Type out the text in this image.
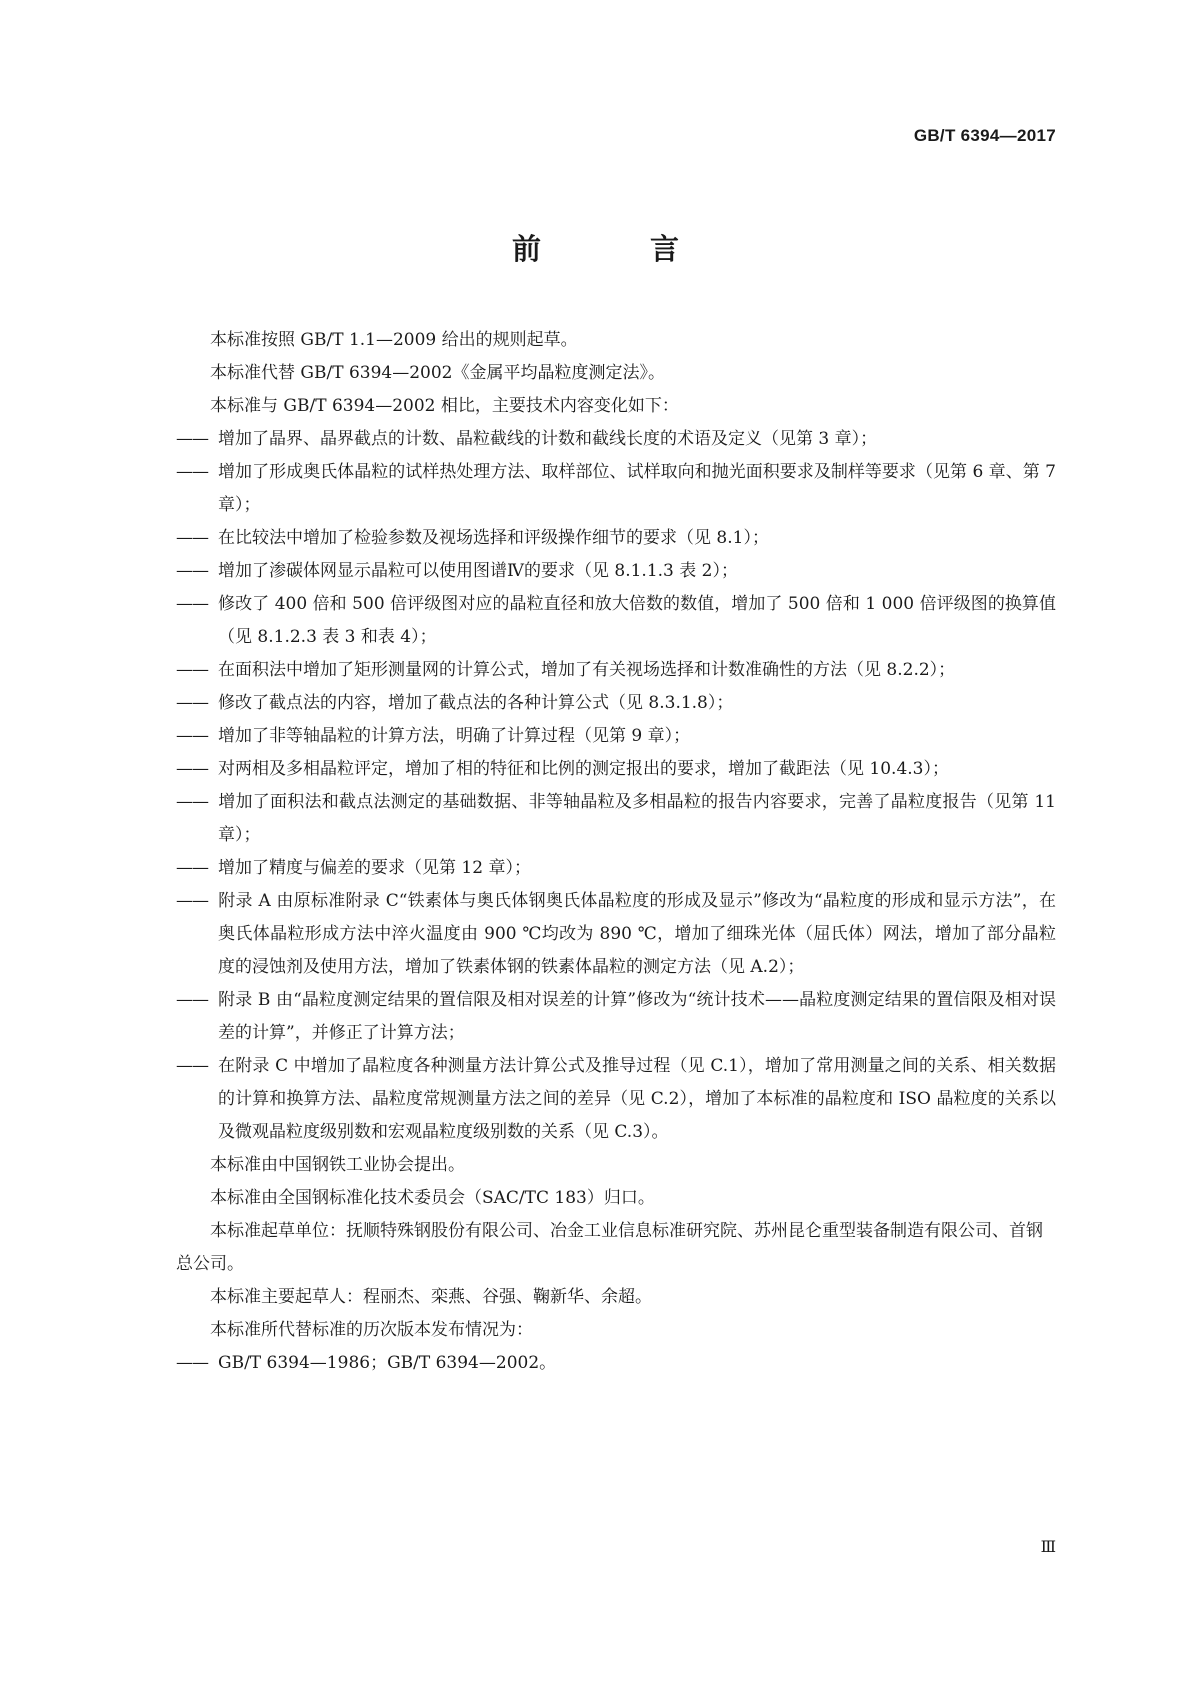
GB/T 6394—2017
前　言

本标准按照 GB/T 1.1—2009 给出的规则起草。

本标准代替 GB/T 6394—2002《金属平均晶粒度测定法》。

本标准与 GB/T 6394—2002 相比，主要技术内容变化如下：

—— 增加了晶界、晶界截点的计数、晶粒截线的计数和截线长度的术语及定义（见第 3 章）；

—— 增加了形成奥氏体晶粒的试样热处理方法、取样部位、试样取向和抛光面积要求及制样等要求（见第 6 章、第 7 章）；

—— 在比较法中增加了检验参数及视场选择和评级操作细节的要求（见 8.1）；

—— 增加了渗碳体网显示晶粒可以使用图谱Ⅳ的要求（见 8.1.1.3 表 2）；

—— 修改了 400 倍和 500 倍评级图对应的晶粒直径和放大倍数的数值，增加了 500 倍和 1 000 倍评级图的换算值（见 8.1.2.3 表 3 和表 4）；

—— 在面积法中增加了矩形测量网的计算公式，增加了有关视场选择和计数准确性的方法（见 8.2.2）；

—— 修改了截点法的内容，增加了截点法的各种计算公式（见 8.3.1.8）；

—— 增加了非等轴晶粒的计算方法，明确了计算过程（见第 9 章）；

—— 对两相及多相晶粒评定，增加了相的特征和比例的测定报出的要求，增加了截距法（见 10.4.3）；

—— 增加了面积法和截点法测定的基础数据、非等轴晶粒及多相晶粒的报告内容要求，完善了晶粒度报告（见第 11 章）；

—— 增加了精度与偏差的要求（见第 12 章）；

—— 附录 A 由原标准附录 C“铁素体与奥氏体钢奥氏体晶粒度的形成及显示”修改为“晶粒度的形成和显示方法”，在奥氏体晶粒形成方法中淬火温度由 900 ℃均改为 890 ℃，增加了细珠光体（屈氏体）网法，增加了部分晶粒度的浸蚀剂及使用方法，增加了铁素体钢的铁素体晶粒的测定方法（见 A.2）；

—— 附录 B 由“晶粒度测定结果的置信限及相对误差的计算”修改为“统计技术——晶粒度测定结果的置信限及相对误差的计算”，并修正了计算方法；

—— 在附录 C 中增加了晶粒度各种测量方法计算公式及推导过程（见 C.1），增加了常用测量之间的关系、相关数据的计算和换算方法、晶粒度常规测量方法之间的差异（见 C.2），增加了本标准的晶粒度和 ISO 晶粒度的关系以及微观晶粒度级别数和宏观晶粒度级别数的关系（见 C.3）。

本标准由中国钢铁工业协会提出。

本标准由全国钢标准化技术委员会（SAC/TC 183）归口。

本标准起草单位：抚顺特殊钢股份有限公司、冶金工业信息标准研究院、苏州昆仑重型装备制造有限公司、首钢总公司。

本标准主要起草人：程丽杰、栾燕、谷强、鞠新华、余超。

本标准所代替标准的历次版本发布情况为：

—— GB/T 6394—1986；GB/T 6394—2002。

Ⅲ
